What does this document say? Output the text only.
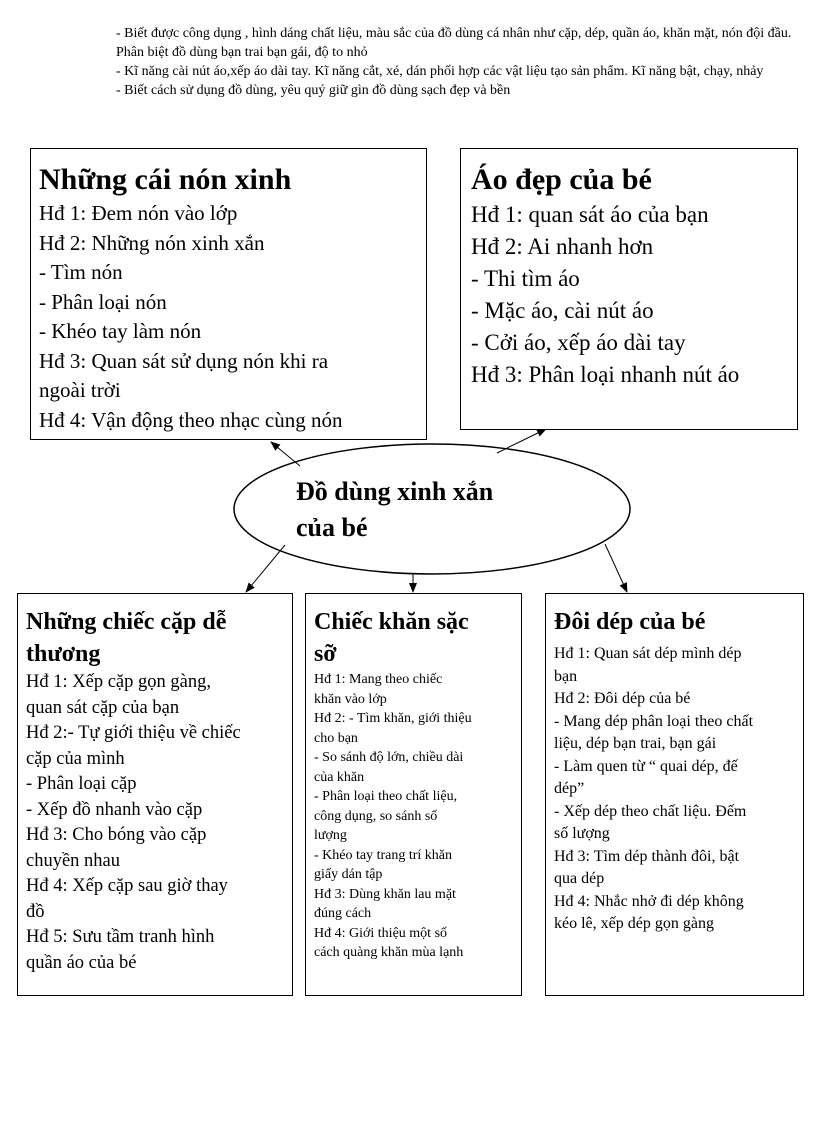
- Biết được công dụng , hình dáng chất liệu, màu sắc của đồ dùng cá nhân như cặp, dép, quần áo, khăn mặt, nón đội đầu. Phân biệt đồ dùng bạn trai bạn gái, độ to nhỏ
- Kĩ năng cài nút áo,xếp áo dài tay. Kĩ năng cắt, xé, dán phối hợp các vật liệu tạo sản phẩm. Kĩ năng bật, chạy, nhảy
- Biết cách sử dụng đồ dùng, yêu quý giữ gìn đồ dùng sạch đẹp và bền
Đồ dùng xinh xắn
của bé
Những cái nón xinh
Hđ 1: Đem nón vào lớp
Hđ 2: Những nón xinh xắn
- Tìm nón
- Phân loại nón
- Khéo tay làm nón
Hđ 3: Quan sát sử dụng nón khi ra
ngoài trời
Hđ 4: Vận động theo nhạc cùng nón
Áo đẹp của bé
Hđ 1: quan sát áo của bạn
Hđ 2: Ai nhanh hơn
- Thi tìm áo
- Mặc áo, cài nút áo
- Cởi áo, xếp áo dài tay
Hđ 3: Phân loại nhanh nút áo
Những chiếc cặp dễ
thương
Hđ 1: Xếp cặp gọn gàng,
quan sát cặp của bạn
Hđ 2:- Tự giới thiệu về chiếc
cặp của mình
- Phân loại cặp
- Xếp đồ nhanh vào cặp
Hđ 3: Cho bóng vào cặp
chuyền nhau
Hđ 4: Xếp cặp sau giờ thay
đồ
Hđ 5: Sưu tầm tranh hình
quần áo của bé
Chiếc khăn sặc
sỡ
Hđ 1: Mang theo chiếc
khăn vào lớp
Hđ 2: - Tìm khăn, giới thiệu
cho bạn
- So sánh độ lớn, chiều dài
của khăn
- Phân loại theo chất liệu,
công dụng, so sánh số
lượng
- Khéo tay trang trí khăn
giấy dán tập
Hđ 3: Dùng khăn lau mặt
đúng cách
Hđ 4: Giới thiệu một số
cách quàng khăn mùa lạnh
Đôi dép của bé
Hđ 1: Quan sát dép mình dép
bạn
Hđ 2: Đôi dép của bé
- Mang dép phân loại theo chất
liệu, dép bạn trai, bạn gái
- Làm quen từ “ quai dép, đế
dép”
- Xếp dép theo chất liệu. Đếm
số lượng
Hđ 3: Tìm dép thành đôi, bật
qua dép
Hđ 4: Nhắc nhở đi dép không
kéo lê, xếp dép gọn gàng
